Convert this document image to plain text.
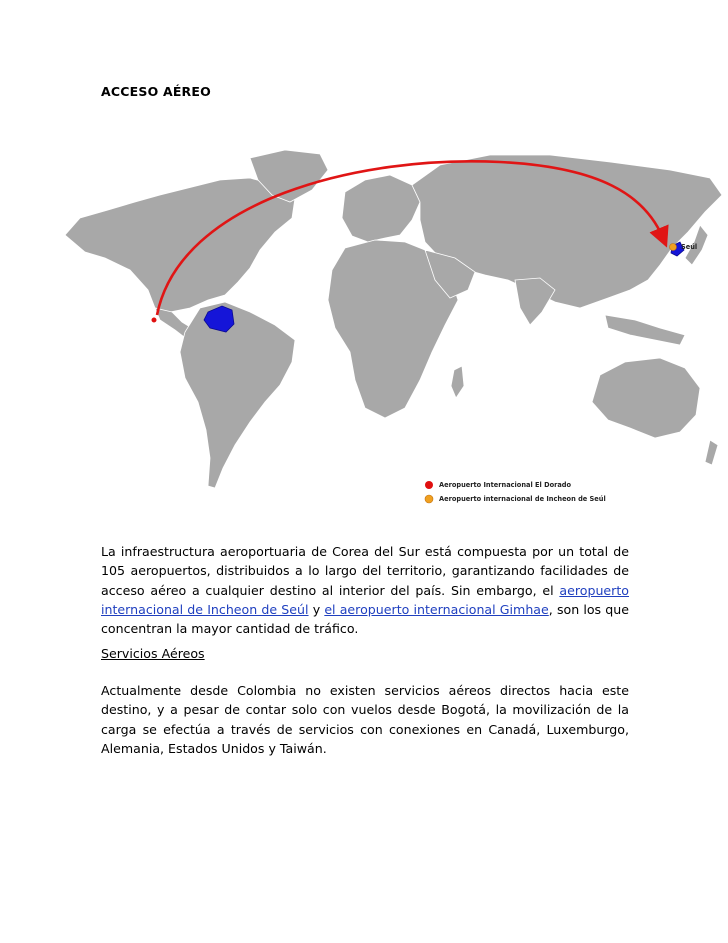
ACCESO AÉREO
Seúl
Aeropuerto Internacional El Dorado
Aeropuerto internacional de Incheon de Seúl
La infraestructura aeroportuaria de Corea del Sur está compuesta por un total de 105 aeropuertos, distribuidos a lo largo del territorio, garantizando facilidades de acceso aéreo a cualquier destino al interior del país. Sin embargo, el aeropuerto internacional de Incheon de Seúl y el aeropuerto internacional Gimhae, son los que concentran la mayor cantidad de tráfico.
Servicios Aéreos
Actualmente desde Colombia no existen servicios aéreos directos hacia este destino, y a pesar de contar solo con vuelos desde Bogotá, la movilización de la carga se efectúa a través de servicios con conexiones en Canadá, Luxemburgo, Alemania, Estados Unidos y Taiwán.
